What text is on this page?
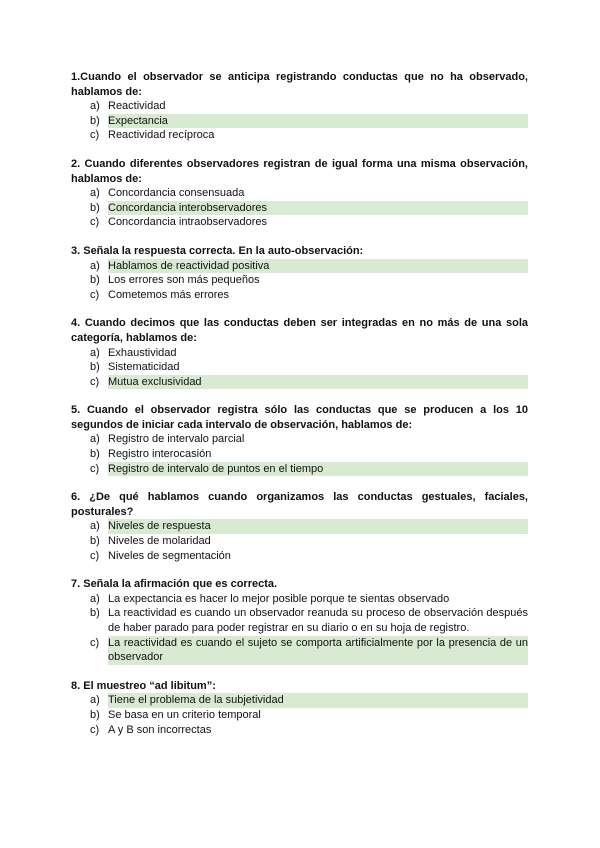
1.Cuando el observador se anticipa registrando conductas que no ha observado, hablamos de:
a) Reactividad
b) Expectancia
c) Reactividad recíproca
2. Cuando diferentes observadores registran de igual forma una misma observación, hablamos de:
a) Concordancia consensuada
b) Concordancia interobservadores
c) Concordancia intraobservadores
3. Señala la respuesta correcta. En la auto-observación:
a) Hablamos de reactividad positiva
b) Los errores son más pequeños
c) Cometemos más errores
4. Cuando decimos que las conductas deben ser integradas en no más de una sola categoría, hablamos de:
a) Exhaustividad
b) Sistematicidad
c) Mutua exclusividad
5. Cuando el observador registra sólo las conductas que se producen a los 10 segundos de iniciar cada intervalo de observación, hablamos de:
a) Registro de intervalo parcial
b) Registro interocasión
c) Registro de intervalo de puntos en el tiempo
6. ¿De qué hablamos cuando organizamos las conductas gestuales, faciales, posturales?
a) Niveles de respuesta
b) Niveles de molaridad
c) Niveles de segmentación
7. Señala la afirmación que es correcta.
a) La expectancia es hacer lo mejor posible porque te sientas observado
b) La reactividad es cuando un observador reanuda su proceso de observación después de haber parado para poder registrar en su diario o en su hoja de registro.
c) La reactividad es cuando el sujeto se comporta artificialmente por la presencia de un observador
8. El muestreo “ad libitum”:
a) Tiene el problema de la subjetividad
b) Se basa en un criterio temporal
c) A y B son incorrectas
